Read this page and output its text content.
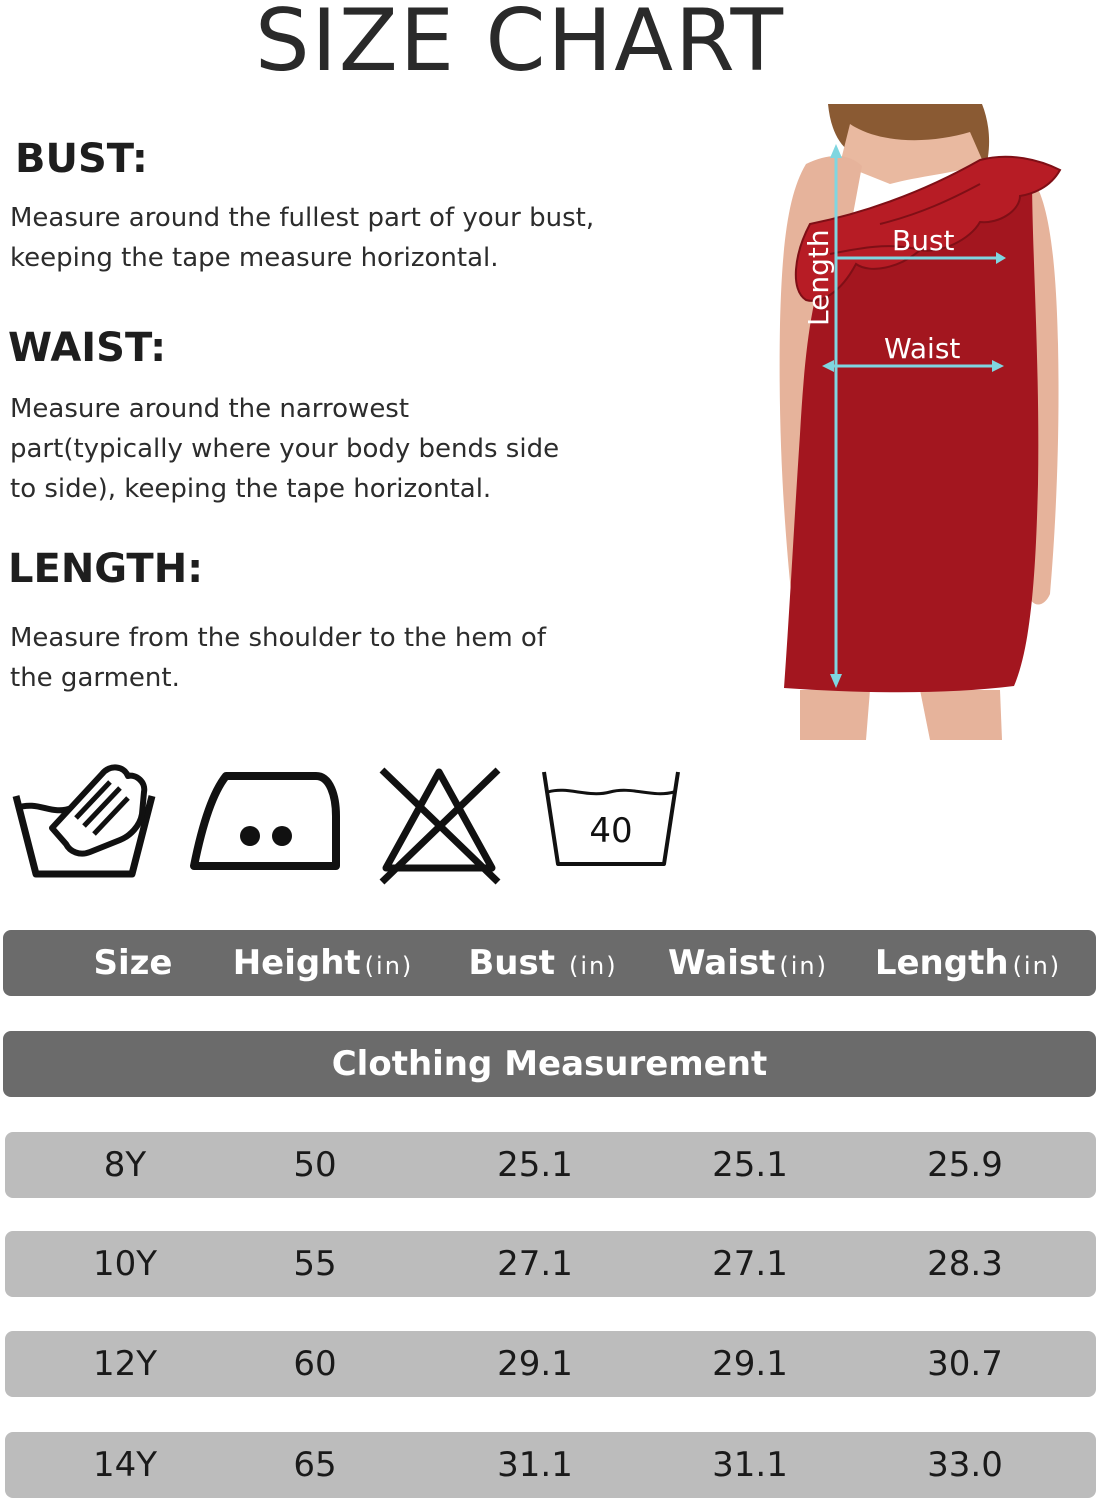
SIZE CHART
BUST:

Measure around the fullest part of your bust, keeping the tape measure horizontal.

WAIST:

Measure around the narrowest part(typically where your body bends side to side), keeping the tape horizontal.

LENGTH:

Measure from the shoulder to the hem of the garment.

Bust
Waist
Length
40
Size	Height (in)	Bust (in)	Waist (in)	Length (in)
Clothing Measurement
8Y	50	25.1	25.1	25.9
10Y	55	27.1	27.1	28.3
12Y	60	29.1	29.1	30.7
14Y	65	31.1	31.1	33.0
